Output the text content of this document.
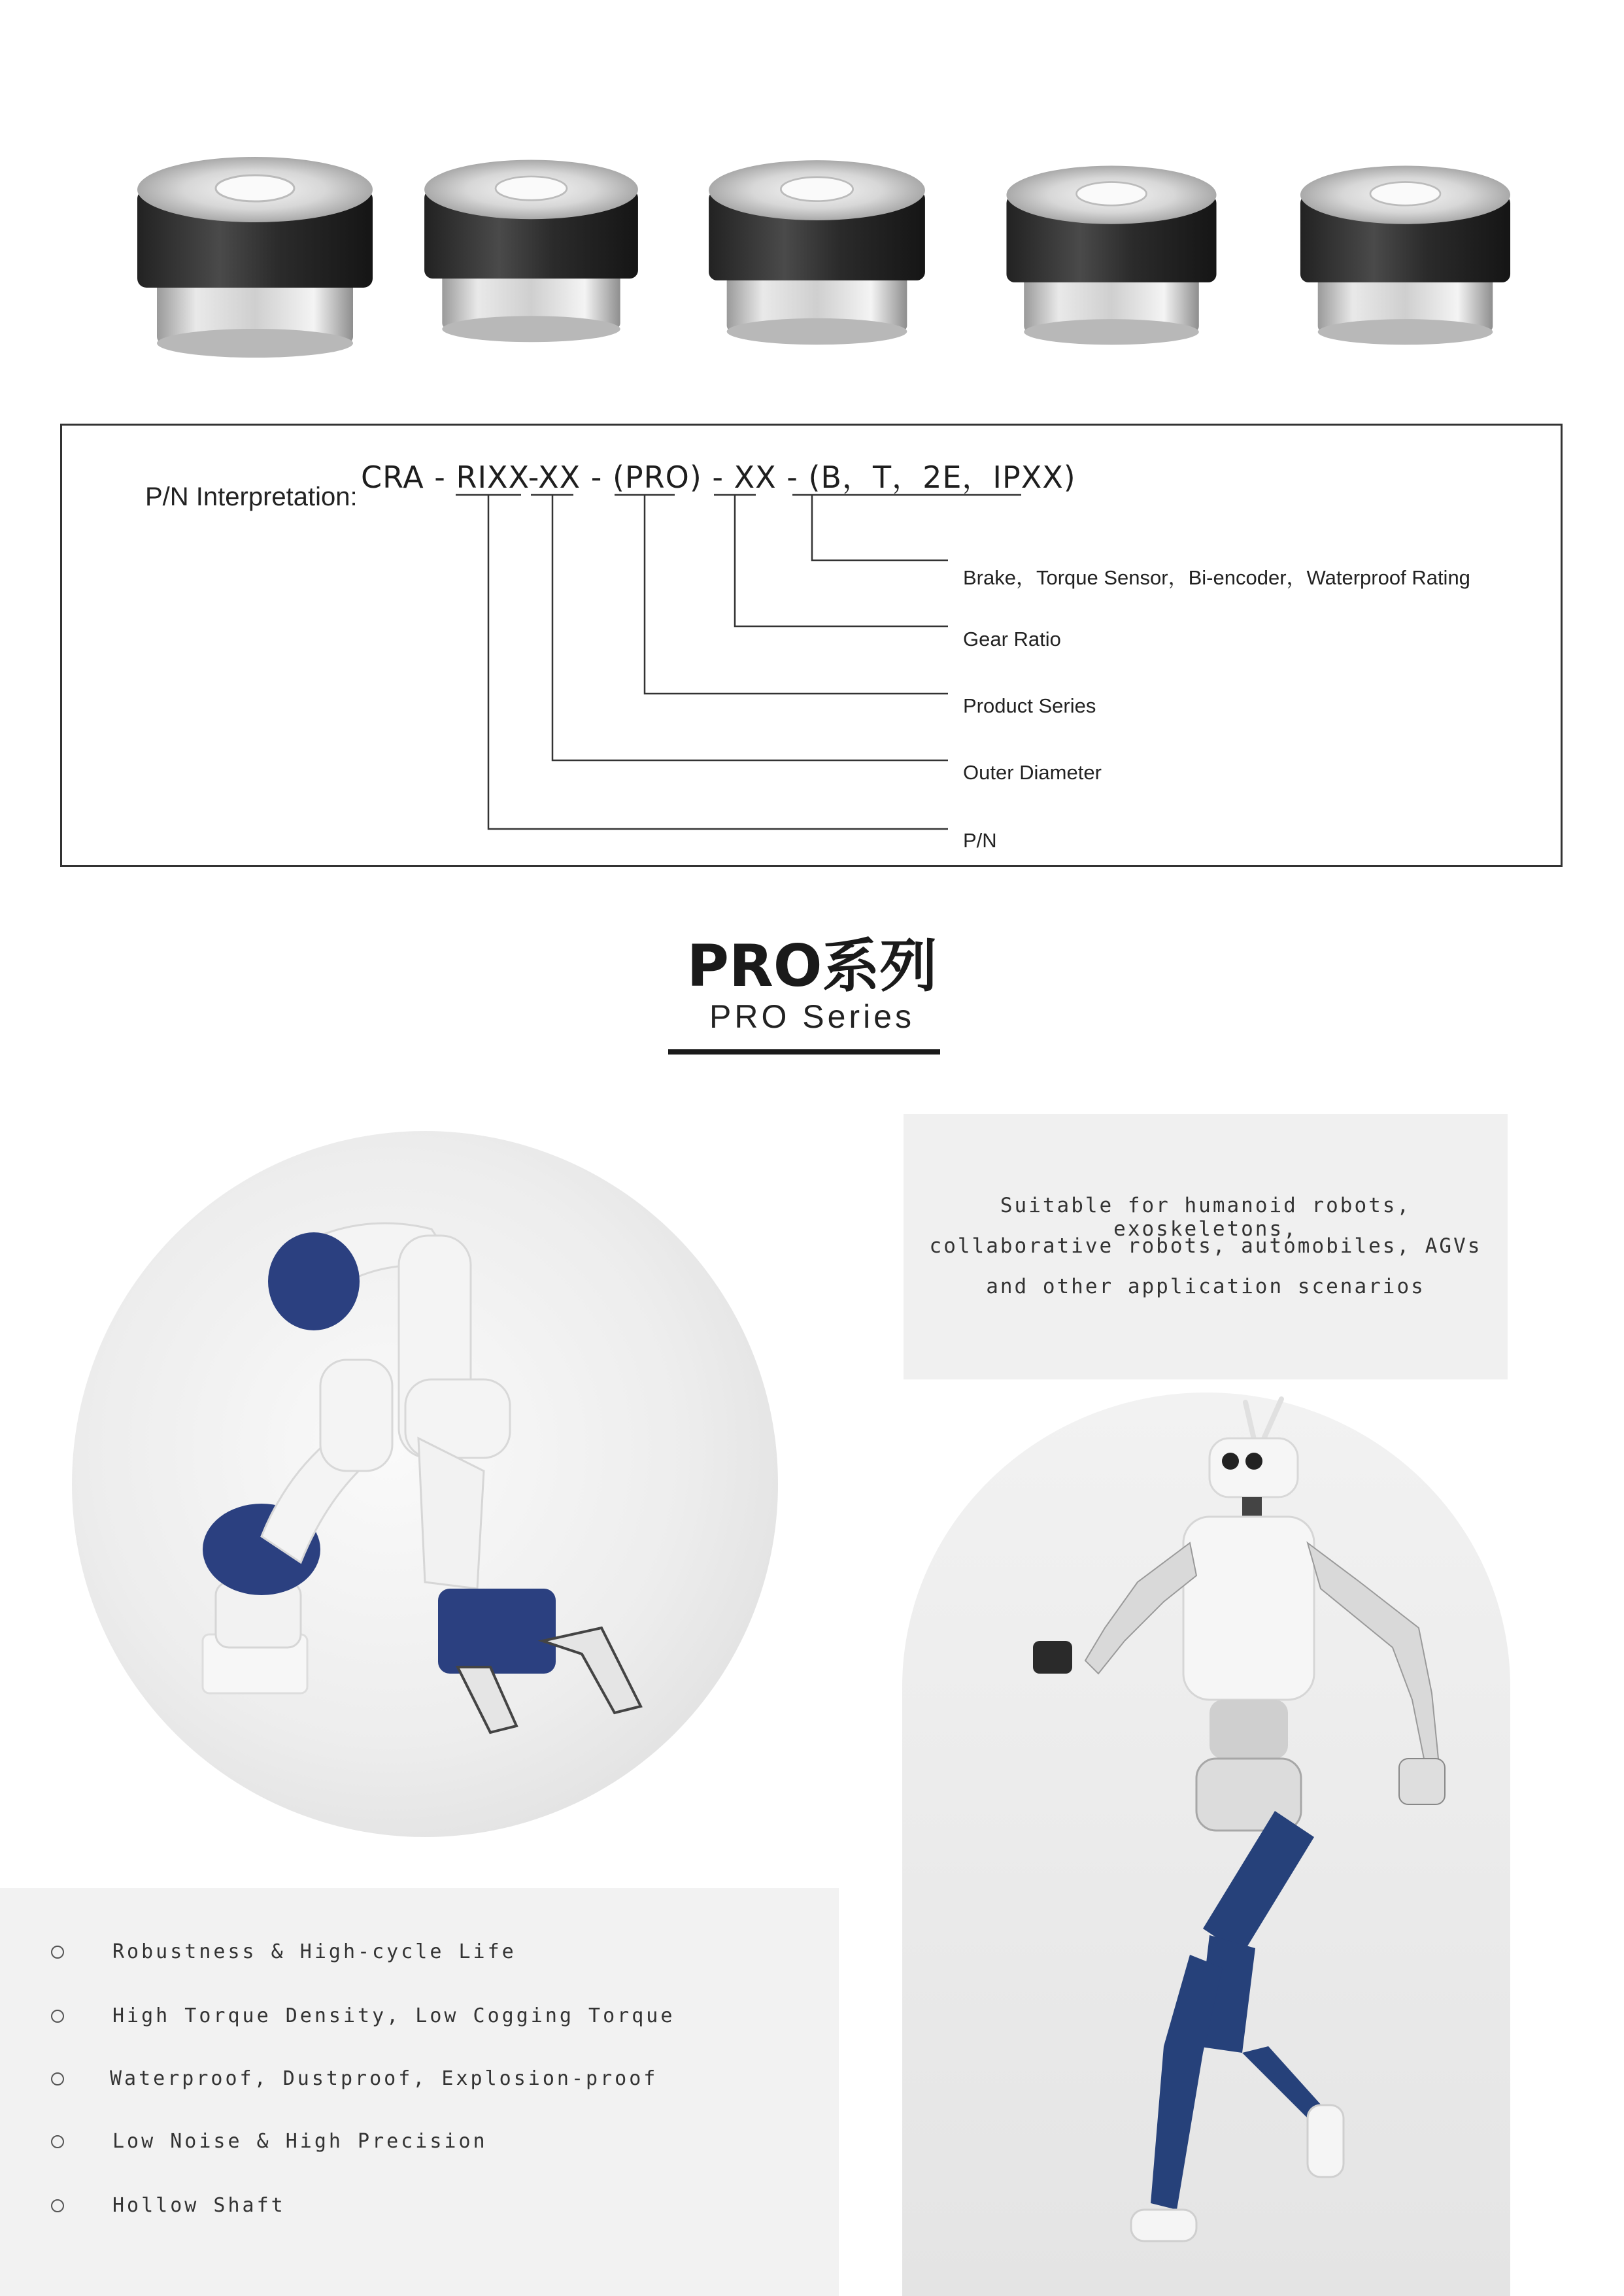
P/N Interpretation:
CRA - RIXX-XX - (PRO) - XX - (B，T，2E，IPXX)
Brake，Torque Sensor，Bi-encoder，Waterproof Rating
Gear Ratio
Product Series
Outer Diameter
P/N
PRO系列
PRO Series
Suitable for humanoid robots, exoskeletons,
collaborative robots, automobiles, AGVs
and other application scenarios
Robustness & High-cycle Life
High Torque Density, Low Cogging Torque
Waterproof, Dustproof, Explosion-proof
Low Noise & High Precision
Hollow Shaft
